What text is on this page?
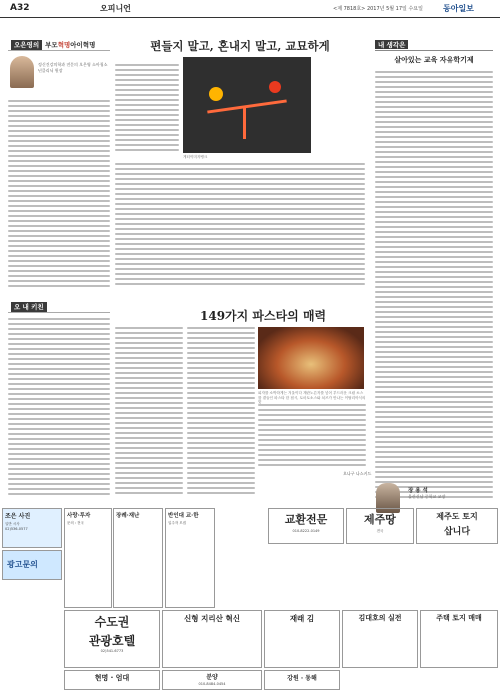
A32	오피니언	<제 7818호> 2017년 5월 17일 수요일	동아일보
오은영의 부모혁명아이혁명
정신건강의학과 전문의 오은영 소아청소년클리닉 원장
편들지 말고, 혼내지 말고, 교묘하게
게티이미지뱅크
내 생각은
살아있는 교육 자유학기제
장 용 석
울산신남 중학교 교장
오 내 키친
149가지 파스타의 매력
피자를 소박하게는 겨울이다 계란노른자를 넣어 부드러운 크림 소스를 곁들인 파스타 한 접시, 토마토소스와 치즈가 만나는 이탈리아식의 맛
오나구 나스키드
조은 사진
일반 시사
02)536-0577
광고문의
사랑·투자
문의 : 전국
장례·재난	반인대 교·한
입주자 모집	교환전문
010-8222-0149
제주땅
전국
제주도 토지
삽니다
수도권
관광호텔
02)541-6773
신형 지리산 혁신	재래 김	김대호의 실전	주택 토지 매매
현명 · 엄대	분양
010-8484-0454
강원 · 동해
